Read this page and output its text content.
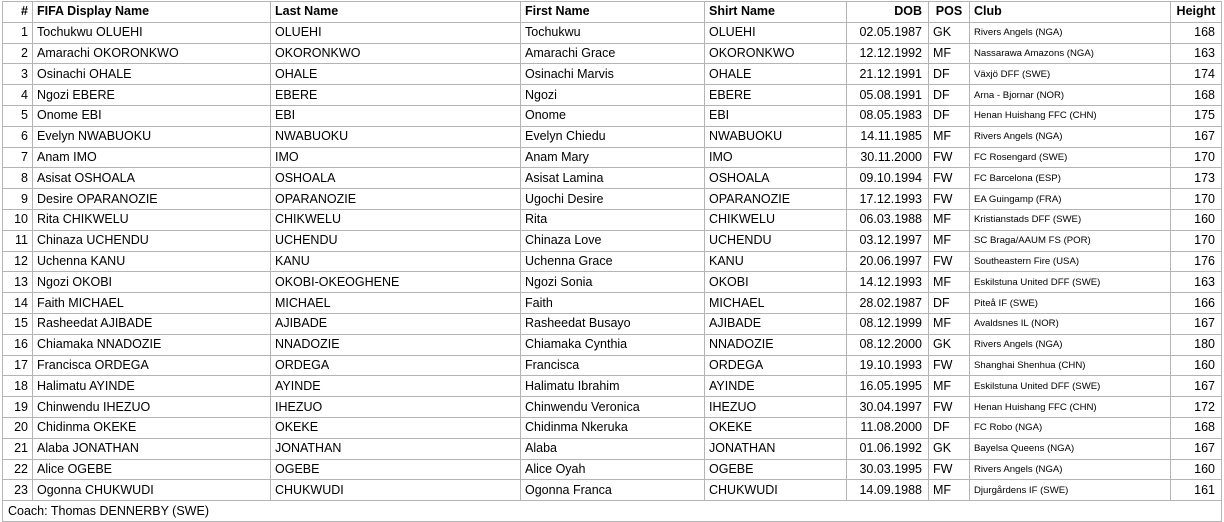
#	FIFA Display Name	Last Name	First Name	Shirt Name	DOB	POS	Club	Height
1	Tochukwu OLUEHI	OLUEHI	Tochukwu	OLUEHI	02.05.1987	GK	Rivers Angels (NGA)	168
2	Amarachi OKORONKWO	OKORONKWO	Amarachi Grace	OKORONKWO	12.12.1992	MF	Nassarawa Amazons (NGA)	163
3	Osinachi OHALE	OHALE	Osinachi Marvis	OHALE	21.12.1991	DF	Växjö DFF (SWE)	174
4	Ngozi EBERE	EBERE	Ngozi	EBERE	05.08.1991	DF	Arna - Bjornar (NOR)	168
5	Onome EBI	EBI	Onome	EBI	08.05.1983	DF	Henan Huishang FFC (CHN)	175
6	Evelyn NWABUOKU	NWABUOKU	Evelyn Chiedu	NWABUOKU	14.11.1985	MF	Rivers Angels (NGA)	167
7	Anam IMO	IMO	Anam Mary	IMO	30.11.2000	FW	FC Rosengard (SWE)	170
8	Asisat OSHOALA	OSHOALA	Asisat Lamina	OSHOALA	09.10.1994	FW	FC Barcelona (ESP)	173
9	Desire OPARANOZIE	OPARANOZIE	Ugochi Desire	OPARANOZIE	17.12.1993	FW	EA Guingamp (FRA)	170
10	Rita CHIKWELU	CHIKWELU	Rita	CHIKWELU	06.03.1988	MF	Kristianstads DFF (SWE)	160
11	Chinaza UCHENDU	UCHENDU	Chinaza Love	UCHENDU	03.12.1997	MF	SC Braga/AAUM FS (POR)	170
12	Uchenna KANU	KANU	Uchenna Grace	KANU	20.06.1997	FW	Southeastern Fire (USA)	176
13	Ngozi OKOBI	OKOBI-OKEOGHENE	Ngozi Sonia	OKOBI	14.12.1993	MF	Eskilstuna United DFF (SWE)	163
14	Faith MICHAEL	MICHAEL	Faith	MICHAEL	28.02.1987	DF	Piteå IF (SWE)	166
15	Rasheedat AJIBADE	AJIBADE	Rasheedat Busayo	AJIBADE	08.12.1999	MF	Avaldsnes IL (NOR)	167
16	Chiamaka NNADOZIE	NNADOZIE	Chiamaka Cynthia	NNADOZIE	08.12.2000	GK	Rivers Angels (NGA)	180
17	Francisca ORDEGA	ORDEGA	Francisca	ORDEGA	19.10.1993	FW	Shanghai Shenhua (CHN)	160
18	Halimatu AYINDE	AYINDE	Halimatu Ibrahim	AYINDE	16.05.1995	MF	Eskilstuna United DFF (SWE)	167
19	Chinwendu IHEZUO	IHEZUO	Chinwendu Veronica	IHEZUO	30.04.1997	FW	Henan Huishang FFC (CHN)	172
20	Chidinma OKEKE	OKEKE	Chidinma Nkeruka	OKEKE	11.08.2000	DF	FC Robo (NGA)	168
21	Alaba JONATHAN	JONATHAN	Alaba	JONATHAN	01.06.1992	GK	Bayelsa Queens (NGA)	167
22	Alice OGEBE	OGEBE	Alice Oyah	OGEBE	30.03.1995	FW	Rivers Angels (NGA)	160
23	Ogonna CHUKWUDI	CHUKWUDI	Ogonna Franca	CHUKWUDI	14.09.1988	MF	Djurgårdens IF (SWE)	161
Coach: Thomas DENNERBY (SWE)								
